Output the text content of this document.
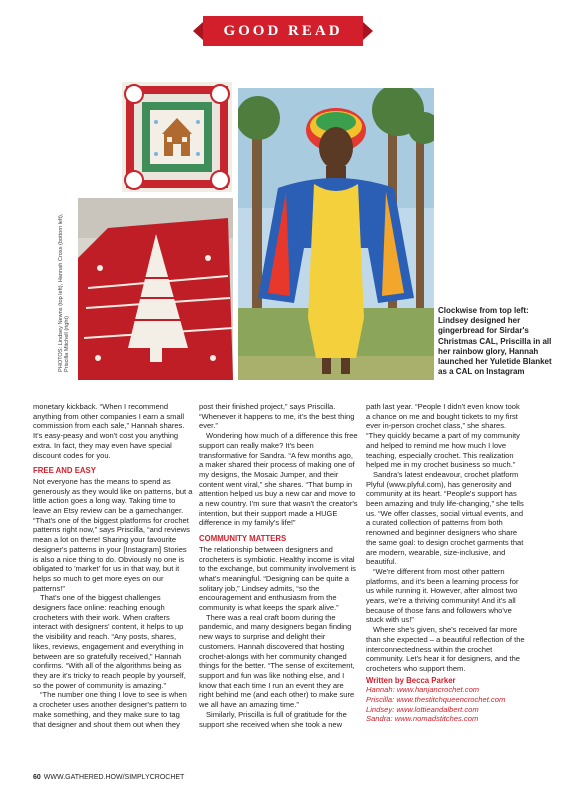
GOOD READ
PHOTOS: Lindsey Newns (top left), Hannah Cross (bottom left), Priscilla Mitchell (right)
Clockwise from top left: Lindsey designed her gingerbread for Sirdar's Christmas CAL, Priscilla in all her rainbow glory, Hannah launched her Yuletide Blanket as a CAL on Instagram

monetary kickback. “When I recommend anything from other companies I earn a small commission from each sale,” Hannah shares. It's easy-peasy and won't cost you anything extra. In fact, they may even have special discount codes for you.

FREE AND EASY

Not everyone has the means to spend as generously as they would like on patterns, but a little action goes a long way. Taking time to leave an Etsy review can be a gamechanger. “That's one of the biggest platforms for crochet patterns right now,” says Priscilla, “and reviews mean a lot on there! Sharing your favourite designer's patterns in your [Instagram] Stories is also a nice thing to do. Obviously no one is obligated to 'market' for us in that way, but it helps so much to get more eyes on our patterns!”

That's one of the biggest challenges designers face online: reaching enough crocheters with their work. When crafters interact with designers' content, it helps to up the visibility and reach. “Any posts, shares, likes, reviews, engagement and everything in between are so gratefully received,” Hannah confirms. “With all of the algorithms being as they are it's tricky to reach people by yourself, so the power of community is amazing.”

“The number one thing I love to see is when a crocheter uses another designer's pattern to make something, and they make sure to tag that designer and shout them out when they

post their finished project,” says Priscilla. “Whenever it happens to me, it's the best thing ever.”

Wondering how much of a difference this free support can really make? It's been transformative for Sandra. “A few months ago, a maker shared their process of making one of my designs, the Mosaic Jumper, and their content went viral,” she shares. “That bump in attention helped us buy a new car and move to a new country. I'm sure that wasn't the creator's intention, but their support made a HUGE difference in my family's life!”

COMMUNITY MATTERS

The relationship between designers and crocheters is symbiotic. Healthy income is vital to the exchange, but community involvement is what's meaningful. “Designing can be quite a solitary job,” Lindsey admits, “so the encouragement and enthusiasm from the community is what keeps the spark alive.”

There was a real craft boom during the pandemic, and many designers began finding new ways to surprise and delight their customers. Hannah discovered that hosting crochet-alongs with her community changed things for the better. “The sense of excitement, support and fun was like nothing else, and I know that each time I run an event they are right behind me (and each other) to make sure we all have an amazing time.”

Similarly, Priscilla is full of gratitude for the support she received when she took a new

path last year. “People I didn't even know took a chance on me and bought tickets to my first ever in-person crochet class,” she shares. “They quickly became a part of my community and helped to remind me how much I love teaching, especially crochet. This realization helped me in my crochet business so much.”

Sandra's latest endeavour, crochet platform Plyful (www.plyful.com), has generosity and community at its heart. “People's support has been amazing and truly life-changing,” she tells us. “We offer classes, social virtual events, and a curated collection of patterns from both renowned and beginner designers who share the same goal: to design crochet garments that are modern, wearable, size-inclusive, and beautiful.

“We're different from most other pattern platforms, and it's been a learning process for us while running it. However, after almost two years, we're a thriving community! And it's all because of those fans and followers who've stuck with us!”

Where she's given, she's received far more than she expected – a beautiful reflection of the interconnectedness within the crochet community. Let's hear it for designers, and the crocheters who support them.

Written by Becca Parker
Hannah: www.hanjancrochet.com
Priscilla: www.thestitchqueencrochet.com
Lindsey: www.lottieandalbert.com
Sandra: www.nomadstitches.com
60 WWW.GATHERED.HOW/SIMPLYCROCHET
